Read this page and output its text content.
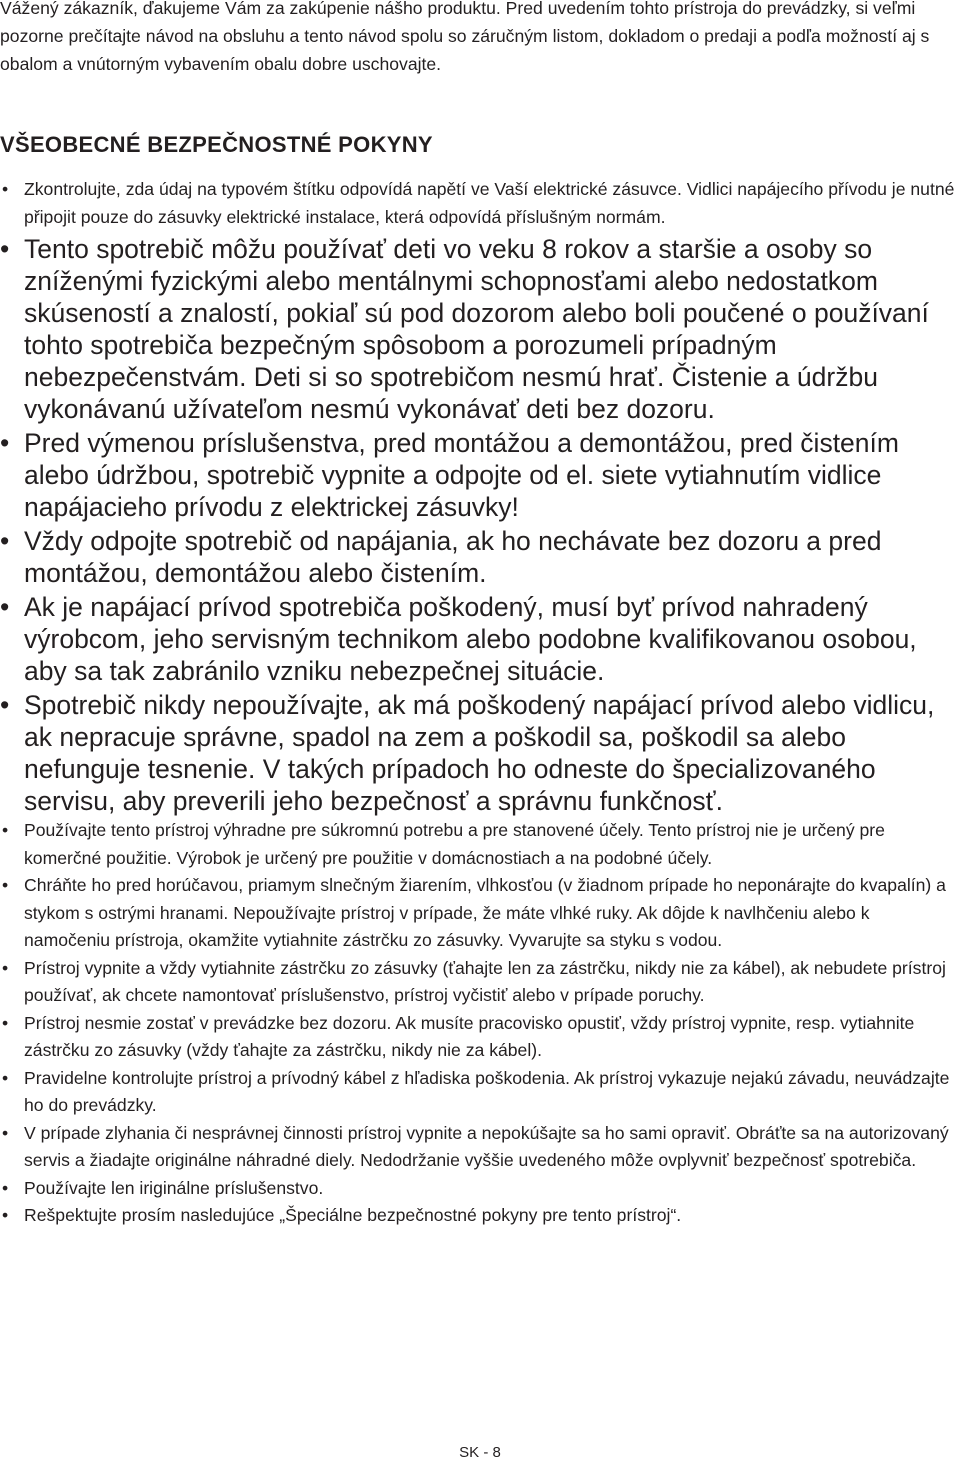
Vážený zákazník, ďakujeme Vám za zakúpenie nášho produktu. Pred uvedením tohto prístroja do prevádzky, si veľmi pozorne prečítajte návod na obsluhu a tento návod spolu so záručným listom, dokladom o predaji a podľa možností aj s obalom a vnútorným vybavením obalu dobre uschovajte.

VŠEOBECNÉ BEZPEČNOSTNÉ POKYNY
• Zkontrolujte, zda údaj na typovém štítku odpovídá napětí ve Vaší elektrické zásuvce. Vidlici napájecího přívodu je nutné připojit pouze do zásuvky elektrické instalace, která odpovídá příslušným normám.
• Tento spotrebič môžu používať deti vo veku 8 rokov a staršie a osoby so zníženými fyzickými alebo mentálnymi schopnosťami alebo nedostatkom skúseností a znalostí, pokiaľ sú pod dozorom alebo boli poučené o používaní tohto spotrebiča bezpečným spôsobom a porozumeli prípadným nebezpečenstvám. Deti si so spotrebičom nesmú hrať. Čistenie a údržbu vykonávanú užívateľom nesmú vykonávať deti bez dozoru.
• Pred výmenou príslušenstva, pred montážou a demontážou, pred čistením alebo údržbou, spotrebič vypnite a odpojte od el. siete vytiahnutím vidlice napájacieho prívodu z elektrickej zásuvky!
• Vždy odpojte spotrebič od napájania, ak ho nechávate bez dozoru a pred montážou, demontážou alebo čistením.
• Ak je napájací prívod spotrebiča poškodený, musí byť prívod nahradený výrobcom, jeho servisným technikom alebo podobne kvalifikovanou osobou, aby sa tak zabránilo vzniku nebezpečnej situácie.
• Spotrebič nikdy nepoužívajte, ak má poškodený napájací prívod alebo vidlicu, ak nepracuje správne, spadol na zem a poškodil sa, poškodil sa alebo nefunguje tesnenie. V takých prípadoch ho odneste do špecializovaného servisu, aby preverili jeho bezpečnosť a správnu funkčnosť.
• Používajte tento prístroj výhradne pre súkromnú potrebu a pre stanovené účely. Tento prístroj nie je určený pre komerčné použitie. Výrobok je určený pre použitie v domácnostiach a na podobné účely.
• Chráňte ho pred horúčavou, priamym slnečným žiarením, vlhkosťou (v žiadnom prípade ho neponárajte do kvapalín) a stykom s ostrými hranami. Nepoužívajte prístroj v prípade, že máte vlhké ruky. Ak dôjde k navlhčeniu alebo k namočeniu prístroja, okamžite vytiahnite zástrčku zo zásuvky. Vyvarujte sa styku s vodou.
• Prístroj vypnite a vždy vytiahnite zástrčku zo zásuvky (ťahajte len za zástrčku, nikdy nie za kábel), ak nebudete prístroj používať, ak chcete namontovať príslušenstvo, prístroj vyčistiť alebo v prípade poruchy.
• Prístroj nesmie zostať v prevádzke bez dozoru. Ak musíte pracovisko opustiť, vždy prístroj vypnite, resp. vytiahnite zástrčku zo zásuvky (vždy ťahajte za zástrčku, nikdy nie za kábel).
• Pravidelne kontrolujte prístroj a prívodný kábel z hľadiska poškodenia. Ak prístroj vykazuje nejakú závadu, neuvádzajte ho do prevádzky.
• V prípade zlyhania či nesprávnej činnosti prístroj vypnite a nepokúšajte sa ho sami opraviť. Obráťte sa na autorizovaný servis a žiadajte originálne náhradné diely. Nedodržanie vyššie uvedeného môže ovplyvniť bezpečnosť spotrebiča.
• Používajte len iriginálne príslušenstvo.
• Rešpektujte prosím nasledujúce „Špeciálne bezpečnostné pokyny pre tento prístroj“.
SK - 8
